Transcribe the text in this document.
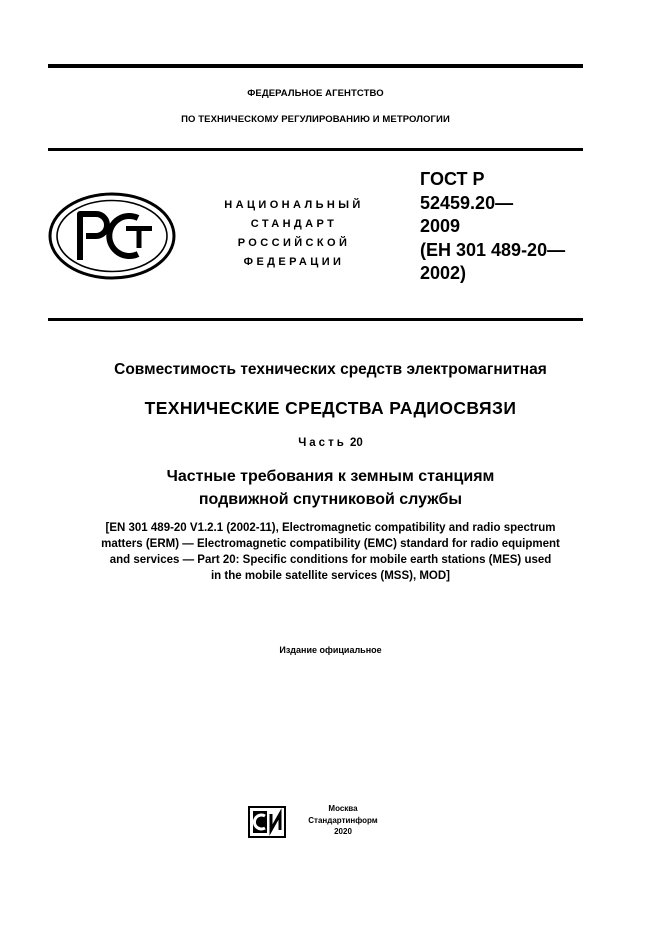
ФЕДЕРАЛЬНОЕ АГЕНТСТВО
ПО ТЕХНИЧЕСКОМУ РЕГУЛИРОВАНИЮ И МЕТРОЛОГИИ
НАЦИОНАЛЬНЫЙ
СТАНДАРТ
РОССИЙСКОЙ
ФЕДЕРАЦИИ
ГОСТ Р
52459.20—
2009
(ЕН 301 489-20—
2002)
Совместимость технических средств электромагнитная
ТЕХНИЧЕСКИЕ СРЕДСТВА РАДИОСВЯЗИ
Часть 20
Частные требования к земным станциям
подвижной спутниковой службы
[EN 301 489-20 V1.2.1 (2002-11), Electromagnetic compatibility and radio spectrum
matters (ERM) — Electromagnetic compatibility (EMC) standard for radio equipment
and services — Part 20: Specific conditions for mobile earth stations (MES) used
in the mobile satellite services (MSS), MOD]
Издание официальное
Москва
Стандартинформ
2020
